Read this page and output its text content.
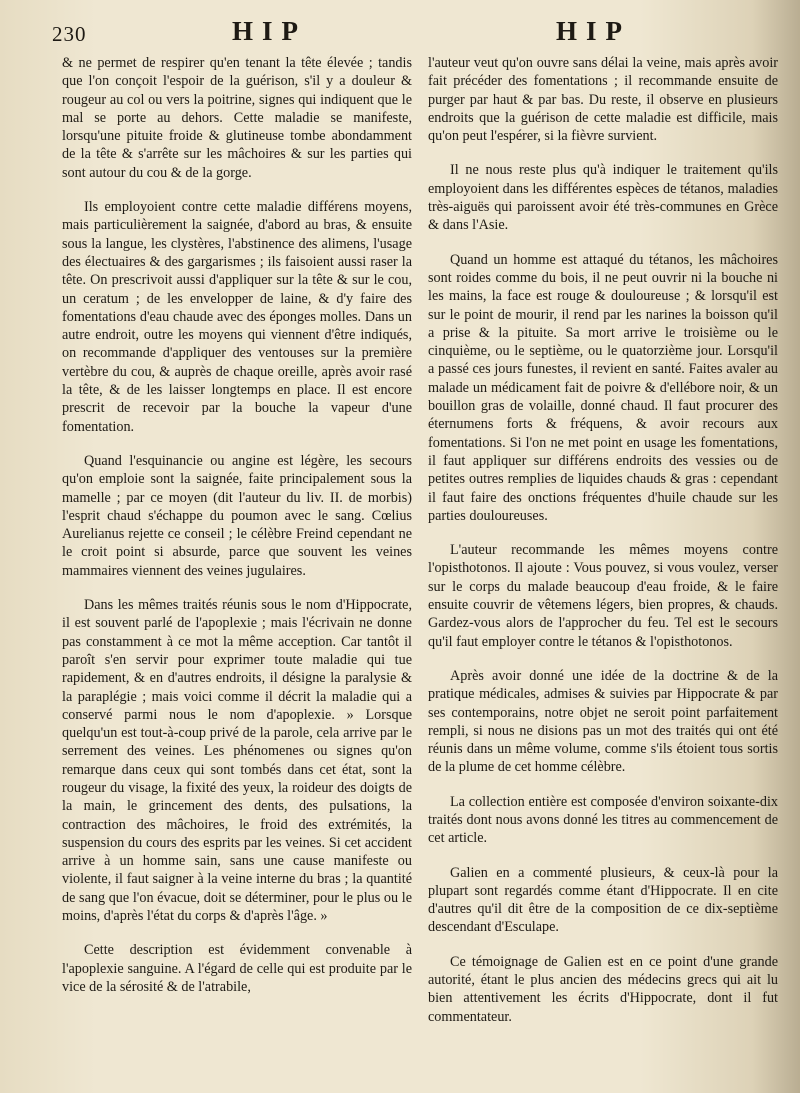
230	HIP	HIP

& ne permet de respirer qu'en tenant la tête élevée ; tandis que l'on conçoit l'espoir de la guérison, s'il y a douleur & rougeur au col ou vers la poitrine, signes qui indiquent que le mal se porte au dehors. Cette maladie se manifeste, lorsqu'une pituite froide & glutineuse tombe abondamment de la tête & s'arrête sur les mâchoires & sur les parties qui sont autour du cou & de la gorge.

Ils employoient contre cette maladie différens moyens, mais particulièrement la saignée, d'abord au bras, & ensuite sous la langue, les clystères, l'abstinence des alimens, l'usage des électuaires & des gargarismes ; ils faisoient aussi raser la tête. On prescrivoit aussi d'appliquer sur la tête & sur le cou, un ceratum ; de les envelopper de laine, & d'y faire des fomentations d'eau chaude avec des éponges molles. Dans un autre endroit, outre les moyens qui viennent d'être indiqués, on recommande d'appliquer des ventouses sur la première vertèbre du cou, & auprès de chaque oreille, après avoir rasé la tête, & de les laisser longtemps en place. Il est encore prescrit de recevoir par la bouche la vapeur d'une fomentation.

Quand l'esquinancie ou angine est légère, les secours qu'on emploie sont la saignée, faite principalement sous la mamelle ; par ce moyen (dit l'auteur du liv. II. de morbis) l'esprit chaud s'échappe du poumon avec le sang. Cœlius Aurelianus rejette ce conseil ; le célèbre Freind cependant ne le croit point si absurde, parce que souvent les veines mammaires viennent des veines jugulaires.

Dans les mêmes traités réunis sous le nom d'Hippocrate, il est souvent parlé de l'apoplexie ; mais l'écrivain ne donne pas constamment à ce mot la même acception. Car tantôt il paroît s'en servir pour exprimer toute maladie qui tue rapidement, & en d'autres endroits, il désigne la paralysie & la paraplégie ; mais voici comme il décrit la maladie qui a conservé parmi nous le nom d'apoplexie. » Lorsque quelqu'un est tout-à-coup privé de la parole, cela arrive par le serrement des veines. Les phénomenes ou signes qu'on remarque dans ceux qui sont tombés dans cet état, sont la rougeur du visage, la fixité des yeux, la roideur des doigts de la main, le grincement des dents, des pulsations, la contraction des mâchoires, le froid des extrémités, la suspension du cours des esprits par les veines. Si cet accident arrive à un homme sain, sans une cause manifeste ou violente, il faut saigner à la veine interne du bras ; la quantité de sang que l'on évacue, doit se déterminer, pour le plus ou le moins, d'après l'état du corps & d'après l'âge. »

Cette description est évidemment convenable à l'apoplexie sanguine. A l'égard de celle qui est produite par le vice de la sérosité & de l'atrabile,

l'auteur veut qu'on ouvre sans délai la veine, mais après avoir fait précéder des fomentations ; il recommande ensuite de purger par haut & par bas. Du reste, il observe en plusieurs endroits que la guérison de cette maladie est difficile, mais qu'on peut l'espérer, si la fièvre survient.

Il ne nous reste plus qu'à indiquer le traitement qu'ils employoient dans les différentes espèces de tétanos, maladies très-aiguës qui paroissent avoir été très-communes en Grèce & dans l'Asie.

Quand un homme est attaqué du tétanos, les mâchoires sont roides comme du bois, il ne peut ouvrir ni la bouche ni les mains, la face est rouge & douloureuse ; & lorsqu'il est sur le point de mourir, il rend par les narines la boisson qu'il a prise & la pituite. Sa mort arrive le troisième ou le cinquième, ou le septième, ou le quatorzième jour. Lorsqu'il a passé ces jours funestes, il revient en santé. Faites avaler au malade un médicament fait de poivre & d'ellébore noir, & un bouillon gras de volaille, donné chaud. Il faut procurer des éternumens forts & fréquens, & avoir recours aux fomentations. Si l'on ne met point en usage les fomentations, il faut appliquer sur différens endroits des vessies ou de petites outres remplies de liquides chauds & gras : cependant il faut faire des onctions fréquentes d'huile chaude sur les parties douloureuses.

L'auteur recommande les mêmes moyens contre l'opisthotonos. Il ajoute : Vous pouvez, si vous voulez, verser sur le corps du malade beaucoup d'eau froide, & le faire ensuite couvrir de vêtemens légers, bien propres, & chauds. Gardez-vous alors de l'approcher du feu. Tel est le secours qu'il faut employer contre le tétanos & l'opisthotonos.

Après avoir donné une idée de la doctrine & de la pratique médicales, admises & suivies par Hippocrate & par ses contemporains, notre objet ne seroit point parfaitement rempli, si nous ne disions pas un mot des traités qui ont été réunis dans un même volume, comme s'ils étoient tous sortis de la plume de cet homme célèbre.

La collection entière est composée d'environ soixante-dix traités dont nous avons donné les titres au commencement de cet article.

Galien en a commenté plusieurs, & ceux-là pour la plupart sont regardés comme étant d'Hippocrate. Il en cite d'autres qu'il dit être de la composition de ce dix-septième descendant d'Esculape.

Ce témoignage de Galien est en ce point d'une grande autorité, étant le plus ancien des médecins grecs qui ait lu bien attentivement les écrits d'Hippocrate, dont il fut commentateur.
